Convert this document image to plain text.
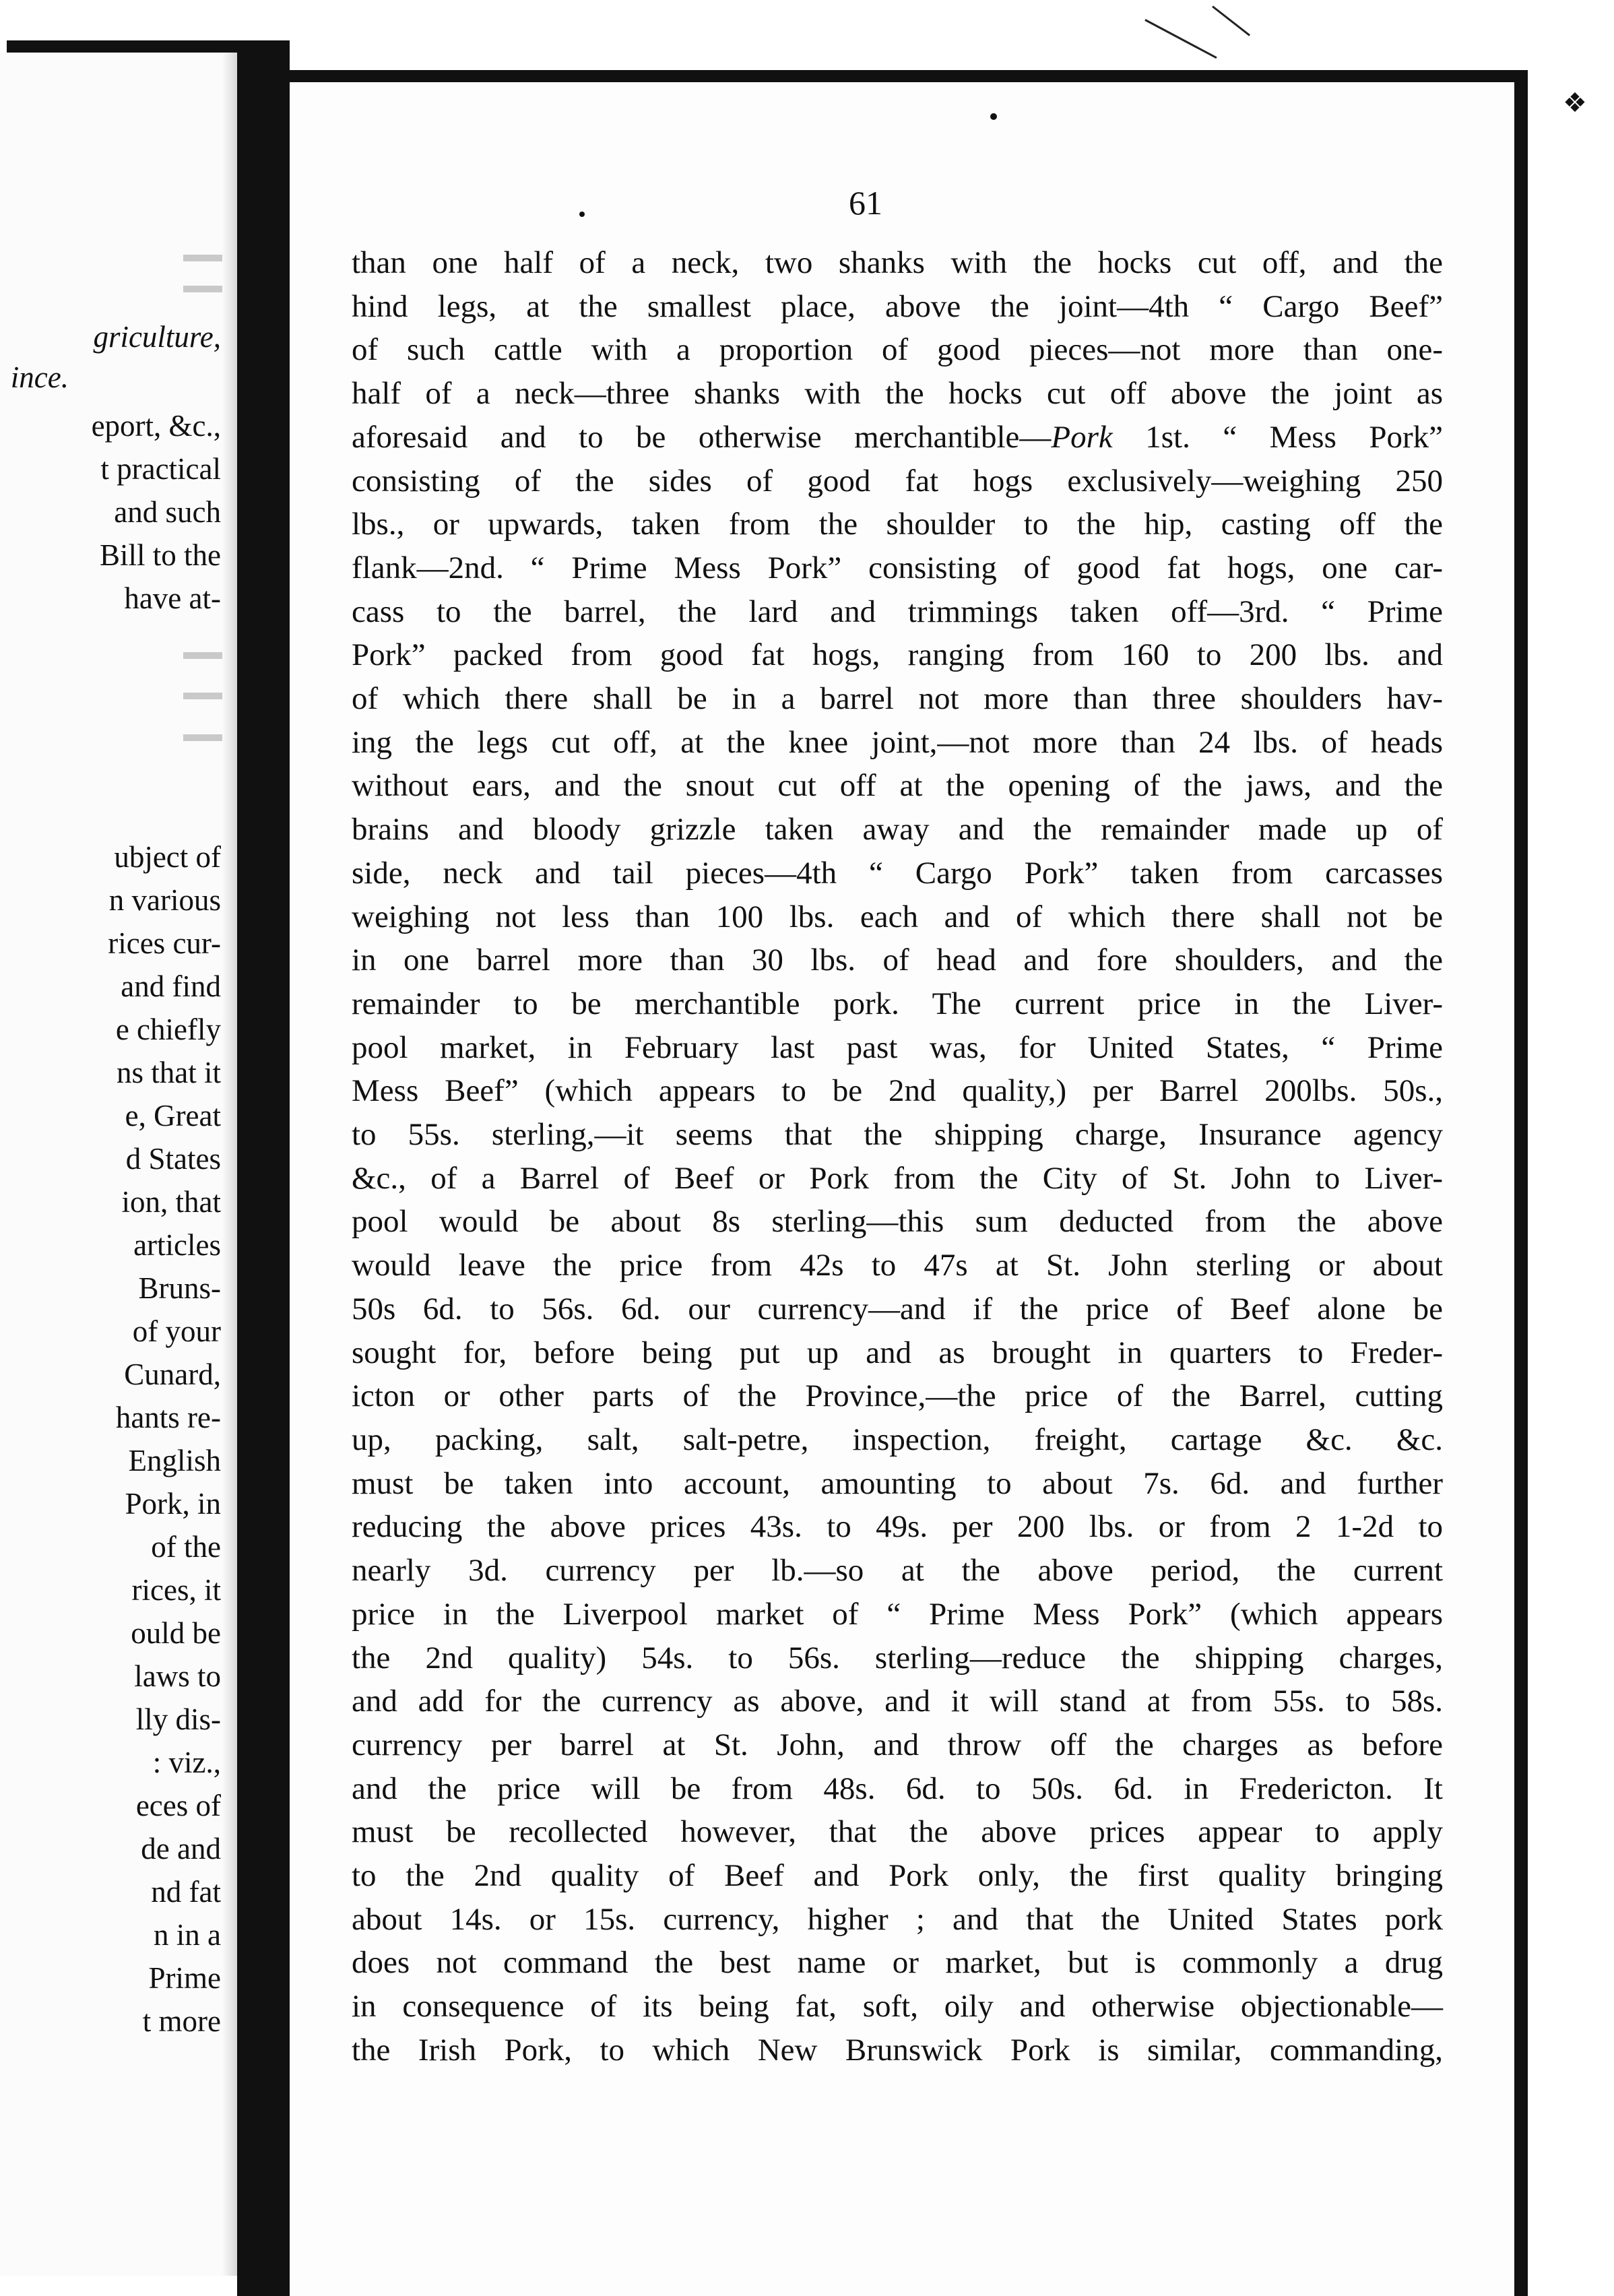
❖
griculture,
ince.
eport, &c.,
t practical
and such
Bill to the
have at-
ubject of
n various
rices cur-
and find
e chiefly
ns that it
e, Great
d States
ion, that
articles
Bruns-
of your
Cunard,
hants re-
English
Pork, in
of the
rices, it
ould be
laws to
lly dis-
: viz.,
eces of
de and
nd fat
n in a
Prime
t more
61
than one half of a neck, two shanks with the hocks cut off, and the
hind legs, at the smallest place, above the joint—4th “ Cargo Beef”
of such cattle with a proportion of good pieces—not more than one-
half of a neck—three shanks with the hocks cut off above the joint as
aforesaid and to be otherwise merchantible—Pork 1st. “ Mess Pork”
consisting of the sides of good fat hogs exclusively—weighing 250
lbs., or upwards, taken from the shoulder to the hip, casting off the
flank—2nd. “ Prime Mess Pork” consisting of good fat hogs, one car-
cass to the barrel, the lard and trimmings taken off—3rd. “ Prime
Pork” packed from good fat hogs, ranging from 160 to 200 lbs. and
of which there shall be in a barrel not more than three shoulders hav-
ing the legs cut off, at the knee joint,—not more than 24 lbs. of heads
without ears, and the snout cut off at the opening of the jaws, and the
brains and bloody grizzle taken away and the remainder made up of
side, neck and tail pieces—4th “ Cargo Pork” taken from carcasses
weighing not less than 100 lbs. each and of which there shall not be
in one barrel more than 30 lbs. of head and fore shoulders, and the
remainder to be merchantible pork. The current price in the Liver-
pool market, in February last past was, for United States, “ Prime
Mess Beef” (which appears to be 2nd quality,) per Barrel 200lbs. 50s.,
to 55s. sterling,—it seems that the shipping charge, Insurance agency
&c., of a Barrel of Beef or Pork from the City of St. John to Liver-
pool would be about 8s sterling—this sum deducted from the above
would leave the price from 42s to 47s at St. John sterling or about
50s 6d. to 56s. 6d. our currency—and if the price of Beef alone be
sought for, before being put up and as brought in quarters to Freder-
icton or other parts of the Province,—the price of the Barrel, cutting
up, packing, salt, salt-petre, inspection, freight, cartage &c. &c.
must be taken into account, amounting to about 7s. 6d. and further
reducing the above prices 43s. to 49s. per 200 lbs. or from 2 1-2d to
nearly 3d. currency per lb.—so at the above period, the current
price in the Liverpool market of “ Prime Mess Pork” (which appears
the 2nd quality) 54s. to 56s. sterling—reduce the shipping charges,
and add for the currency as above, and it will stand at from 55s. to 58s.
currency per barrel at St. John, and throw off the charges as before
and the price will be from 48s. 6d. to 50s. 6d. in Fredericton. It
must be recollected however, that the above prices appear to apply
to the 2nd quality of Beef and Pork only, the first quality bringing
about 14s. or 15s. currency, higher ; and that the United States pork
does not command the best name or market, but is commonly a drug
in consequence of its being fat, soft, oily and otherwise objectionable—
the Irish Pork, to which New Brunswick Pork is similar, commanding,
